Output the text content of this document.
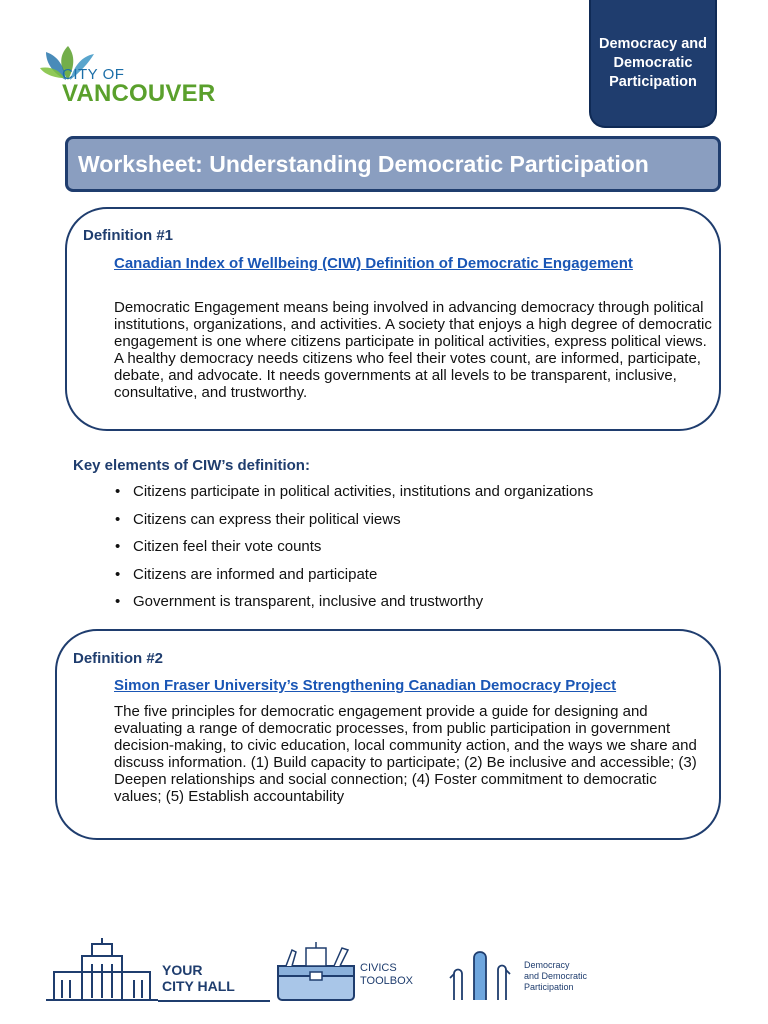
CITY OF
VANCOUVER
Democracy and Democratic Participation
Worksheet: Understanding Democratic Participation
Definition #1
Canadian Index of Wellbeing (CIW) Definition of Democratic Engagement
Democratic Engagement means being involved in advancing democracy through political institutions, organizations, and activities. A society that enjoys a high degree of democratic engagement is one where citizens participate in political activities, express political views. A healthy democracy needs citizens who feel their votes count, are informed, participate, debate, and advocate. It needs governments at all levels to be transparent, inclusive, consultative, and trustworthy.
Key elements of CIW’s definition:
• Citizens participate in political activities, institutions and organizations
• Citizens can express their political views
• Citizen feel their vote counts
• Citizens are informed and participate
• Government is transparent, inclusive and trustworthy
Definition #2
Simon Fraser University’s Strengthening Canadian Democracy Project
The five principles for democratic engagement provide a guide for designing and evaluating a range of democratic processes, from public participation in government decision-making, to civic education, local community action, and the ways we share and discuss information. (1) Build capacity to participate; (2) Be inclusive and accessible; (3) Deepen relationships and social connection; (4) Foster commitment to democratic values; (5) Establish accountability
YOUR
CITY HALL
CIVICS
TOOLBOX
Democracy
and Democratic
Participation
